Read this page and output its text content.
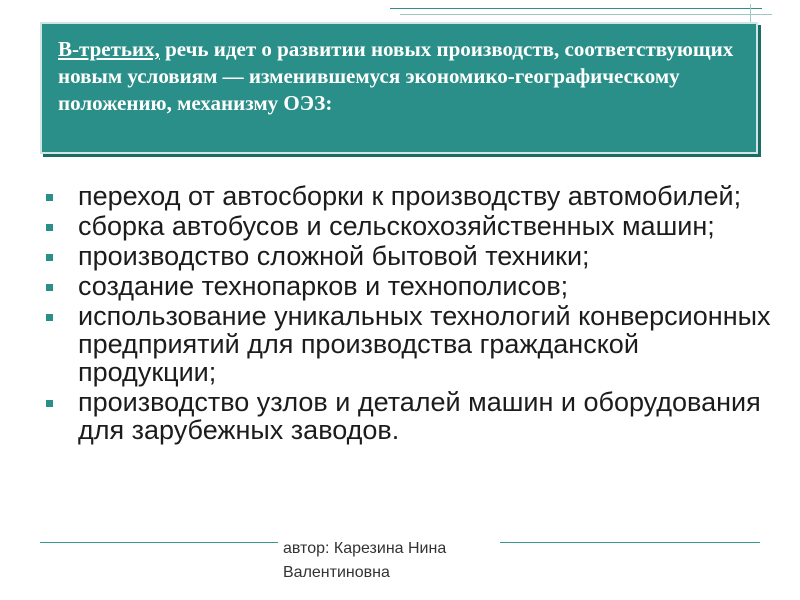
В-третьих, речь идет о развитии новых производств, соответствующих новым условиям — изменившемуся экономико-географическому положению, механизму ОЭЗ:
переход от автосборки к производству автомобилей;
сборка автобусов и сельскохозяйственных машин;
производство сложной бытовой техники;
создание технопарков и технополисов;
использование уникальных технологий конверсионных предприятий для производства гражданской продукции;
производство узлов и деталей машин и оборудования для зарубежных заводов.
автор: Карезина Нина Валентиновна
